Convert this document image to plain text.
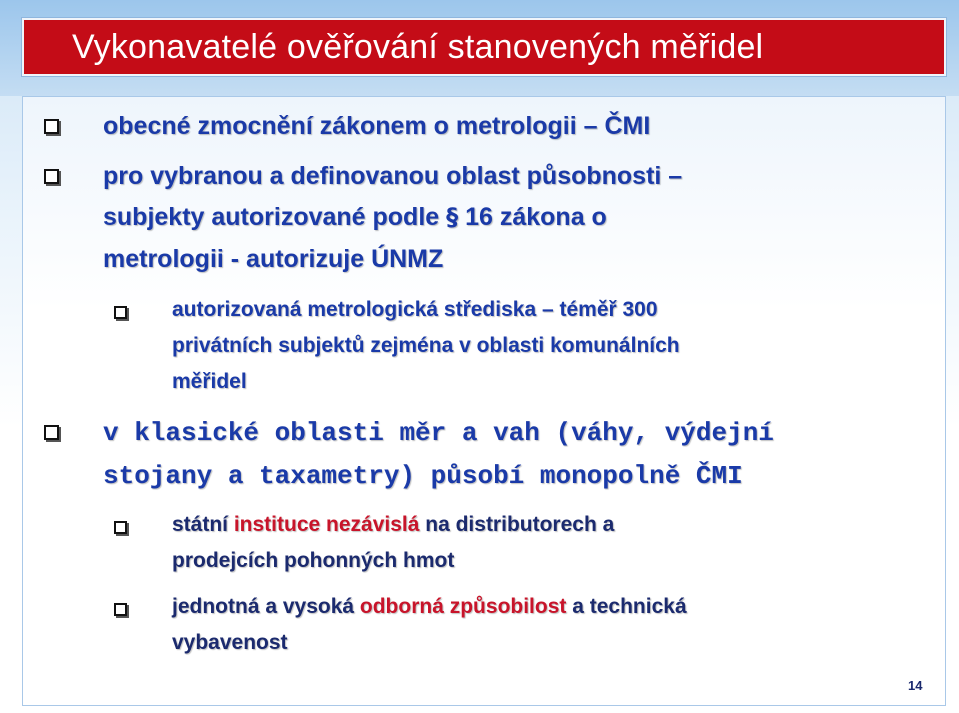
Vykonavatelé ověřování stanovených měřidel
obecné zmocnění zákonem o metrologii – ČMI
pro vybranou a definovanou oblast působnosti –
subjekty autorizované podle § 16 zákona o
metrologii - autorizuje ÚNMZ
autorizovaná metrologická střediska – téměř 300
privátních subjektů zejména v oblasti komunálních
měřidel
v klasické oblasti měr a vah (váhy, výdejní
stojany a taxametry) působí monopolně ČMI
státní instituce nezávislá na distributorech a
prodejcích pohonných hmot
jednotná a vysoká odborná způsobilost a technická
vybavenost
14
